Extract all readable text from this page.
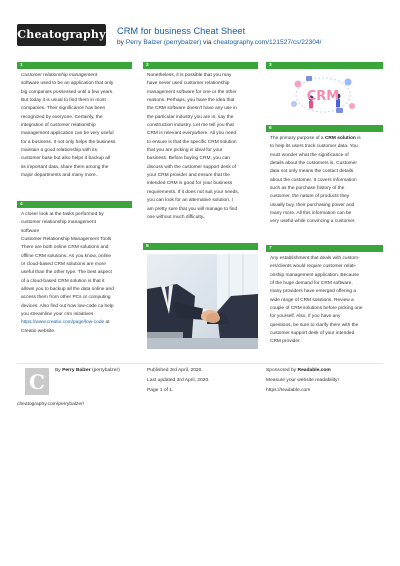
Cheatography CRM for business Cheat Sheet
by Perry Balzer (perrybalzer) via cheatography.com/121527/cs/22304/
1
Customer relationship management
software used to be an application that only
big companies possessed until a few years.
But today it is usual to find them in most
companies. Their significance has been
recognized by everyone. Certainly, the
integration of customer relationship
management application can be very useful
for a business. It not only helps the business
maintain a good relationship with its
customer base but also helps it backup all
its important data, share them among the
major departments and many more..
4
A closer look at the tasks performed by
customer relationship management
software
Customer Relationship Management Tools
There are both online CRM solutions and
offline CRM solutions. As you know, online
or cloud-based CRM solutions are more
useful than the other type. The best aspect
of a cloud-based CRM solution is that it
allows you to backup all the data online and
access them from other PCs or computing
devices. Also find out how low-code ca help
you streamline your crm initiatives
https://www.creatio.com/page/low-code at
Creatio website.
2
Nonetheless, it is possible that you may
have never used customer relationship
management software for one or the other
reasons. Perhaps, you have the idea that
the CRM software doesn't have any use in
the particular industry you are in, say the
construction industry. Let me tell you that
CRM is relevant everywhere. All you need
to ensure is that the specific CRM solution
that you are picking is ideal for your
business. Before buying CRM, you can
discuss with the customer support desk of
your CRM provider and ensure that the
intended CRM is good for your business
requirements. If it does not suit your needs,
you can look for an alternative solution. I
am pretty sure that you will manage to find
one without much difficulty..
5
3
CRM
6
The primary purpose of a CRM solution is
to help its users track customer data. You
must wonder what the significance of
details about the customers is. Customer
data not only means the contact details
about the customer. It covers information
such as the purchase history of the
customer, the nature of products they
usually buy, their purchasing power and
many more. All this information can be
very useful while convincing a customer.
7
Any establishment that deals with custom-
ers/clients would require customer relati-
onship management application. Because
of the huge demand for CRM software,
many providers have emerged offering a
wide range of CRM solutions. Review a
couple of CRM solutions before picking one
for yourself. Also, if you have any
questions, be sure to clarify them with the
customer support desk of your intended
CRM provider.
C	By Perry Balzer (perrybalzer)
cheatography.com/perrybalzer/
Published 3rd April, 2020.
Last updated 3rd April, 2020.
Page 1 of 1.
Sponsored by Readable.com
Measure your website readability!
https://readable.com
